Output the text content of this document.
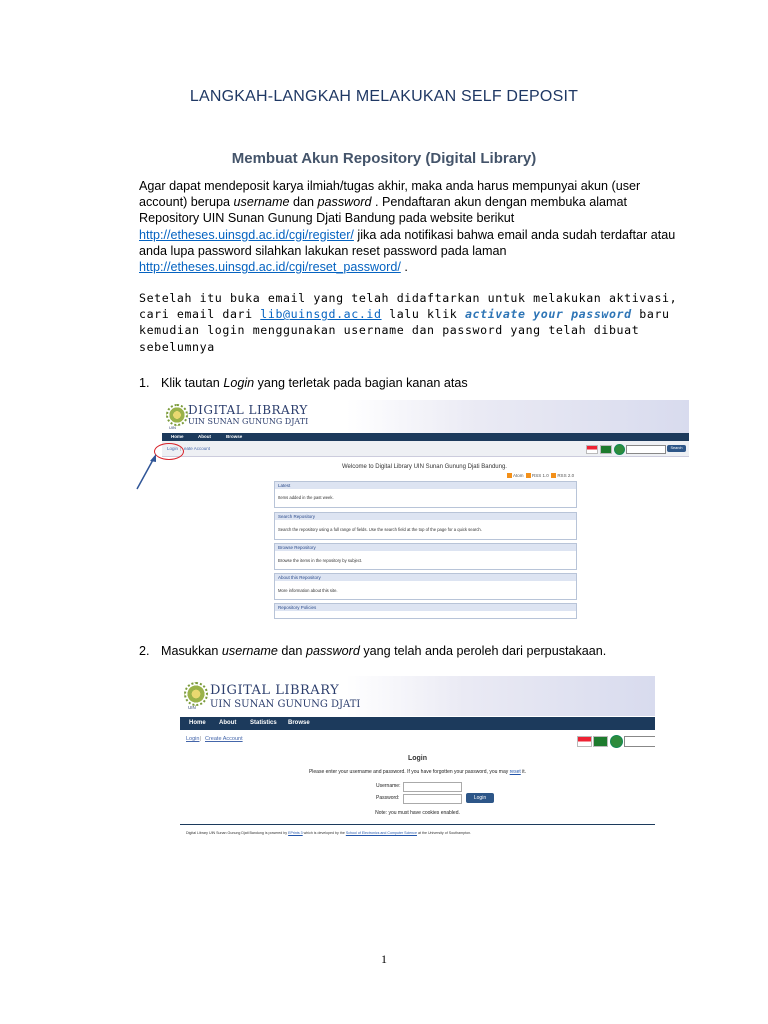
LANGKAH-LANGKAH MELAKUKAN SELF DEPOSIT
Membuat Akun Repository (Digital Library)
Agar dapat mendeposit karya ilmiah/tugas akhir, maka anda harus mempunyai akun (user account) berupa username dan password . Pendaftaran akun dengan membuka alamat Repository UIN Sunan Gunung Djati Bandung pada website berikut http://etheses.uinsgd.ac.id/cgi/register/ jika ada notifikasi bahwa email anda sudah terdaftar atau anda lupa password silahkan lakukan reset password pada laman http://etheses.uinsgd.ac.id/cgi/reset_password/ .
Setelah itu buka email yang telah didaftarkan untuk melakukan aktivasi, cari email dari lib@uinsgd.ac.id lalu klik activate your password baru kemudian login menggunakan username dan password yang telah dibuat sebelumnya
1. Klik tautan Login yang terletak pada bagian kanan atas
DIGITAL LIBRARY
UIN SUNAN GUNUNG DJATI
UIN
Home	About	Browse
Login | eate Account	Search
Welcome to Digital Library UIN Sunan Gunung Djati Bandung.
Atom RSS 1.0 RSS 2.0
Latest
Items added in the past week.
Search Repository
Search the repository using a full range of fields. Use the search field at the top of the page for a quick search.
Browse Repository
Browse the items in the repository by subject.
About this Repository
More information about this site.
Repository Policies
2. Masukkan username dan password yang telah anda peroleh dari perpustakaan.
DIGITAL LIBRARY
UIN SUNAN GUNUNG DJATI
UIN
Home About Statistics Browse
Login | Create Account
Login
Please enter your username and password. If you have forgotten your password, you may reset it.
Username:
Password:	Login
Note: you must have cookies enabled.
Digital Library UIN Sunan Gunung Djati Bandung is powered by EPrints 3 which is developed by the School of Electronics and Computer Science at the University of Southampton.
1
